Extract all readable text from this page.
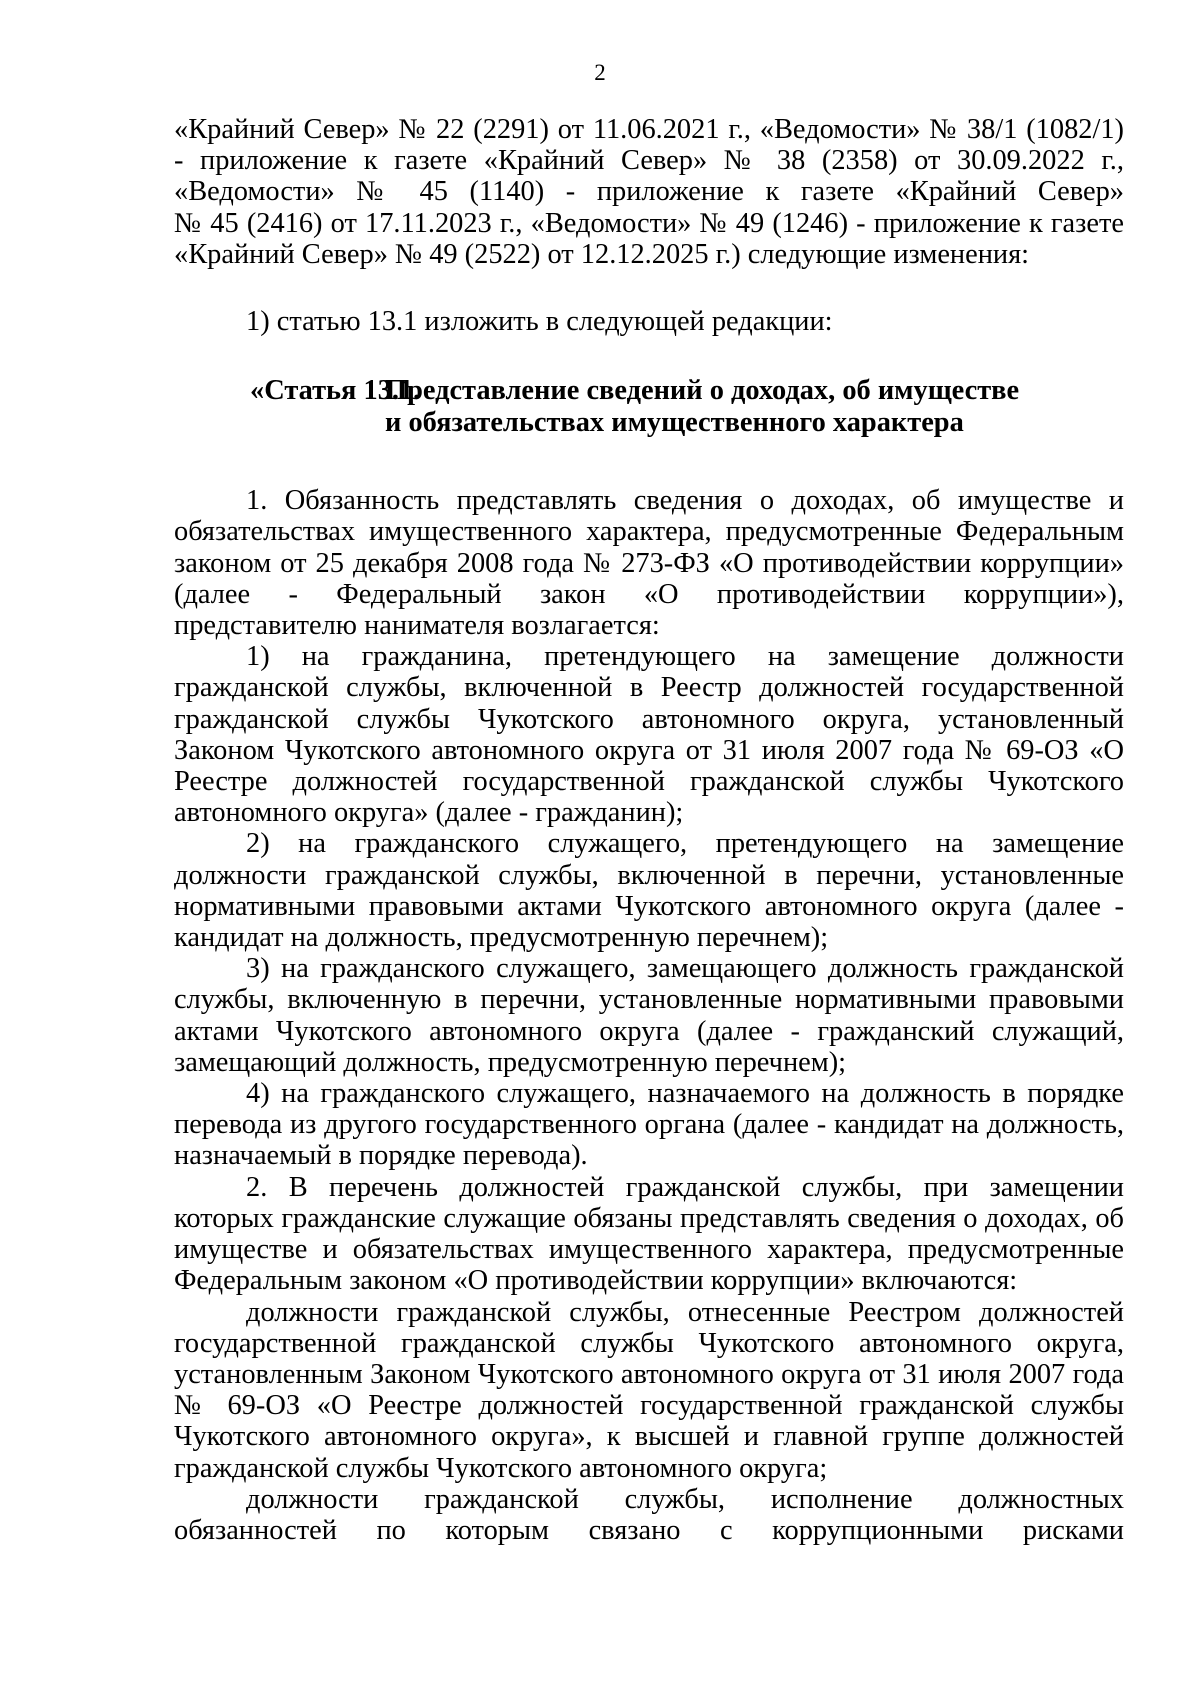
2
«Крайний Север» № 22 (2291) от 11.06.2021 г., «Ведомости» № 38/1 (1082/1)
- приложение к газете «Крайний Север» № 38 (2358) от 30.09.2022 г.,
«Ведомости» № 45 (1140) - приложение к газете «Крайний Север»
№ 45 (2416) от 17.11.2023 г., «Ведомости» № 49 (1246) - приложение к газете
«Крайний Север» № 49 (2522) от 12.12.2025 г.) следующие изменения:

1) статью 13.1 изложить в следующей редакции:

«Статья 13.1.
Представление сведений о доходах, об имуществе
и обязательствах имущественного характера

1. Обязанность представлять сведения о доходах, об имуществе и обязательствах имущественного характера, предусмотренные Федеральным законом от 25 декабря 2008 года № 273-ФЗ «О противодействии коррупции» (далее - Федеральный закон «О противодействии коррупции»), представителю нанимателя возлагается:

1) на гражданина, претендующего на замещение должности гражданской службы, включенной в Реестр должностей государственной гражданской службы Чукотского автономного округа, установленный Законом Чукотского автономного округа от 31 июля 2007 года № 69-ОЗ «О Реестре должностей государственной гражданской службы Чукотского автономного округа» (далее - гражданин);

2) на гражданского служащего, претендующего на замещение должности гражданской службы, включенной в перечни, установленные нормативными правовыми актами Чукотского автономного округа (далее - кандидат на должность, предусмотренную перечнем);

3) на гражданского служащего, замещающего должность гражданской службы, включенную в перечни, установленные нормативными правовыми актами Чукотского автономного округа (далее - гражданский служащий, замещающий должность, предусмотренную перечнем);

4) на гражданского служащего, назначаемого на должность в порядке перевода из другого государственного органа (далее - кандидат на должность, назначаемый в порядке перевода).

2. В перечень должностей гражданской службы, при замещении которых гражданские служащие обязаны представлять сведения о доходах, об имуществе и обязательствах имущественного характера, предусмотренные Федеральным законом «О противодействии коррупции» включаются:

должности гражданской службы, отнесенные Реестром должностей государственной гражданской службы Чукотского автономного округа, установленным Законом Чукотского автономного округа от 31 июля 2007 года № 69-ОЗ «О Реестре должностей государственной гражданской службы Чукотского автономного округа», к высшей и главной группе должностей гражданской службы Чукотского автономного округа;

должности гражданской службы, исполнение должностных обязанностей по которым связано с коррупционными рисками
